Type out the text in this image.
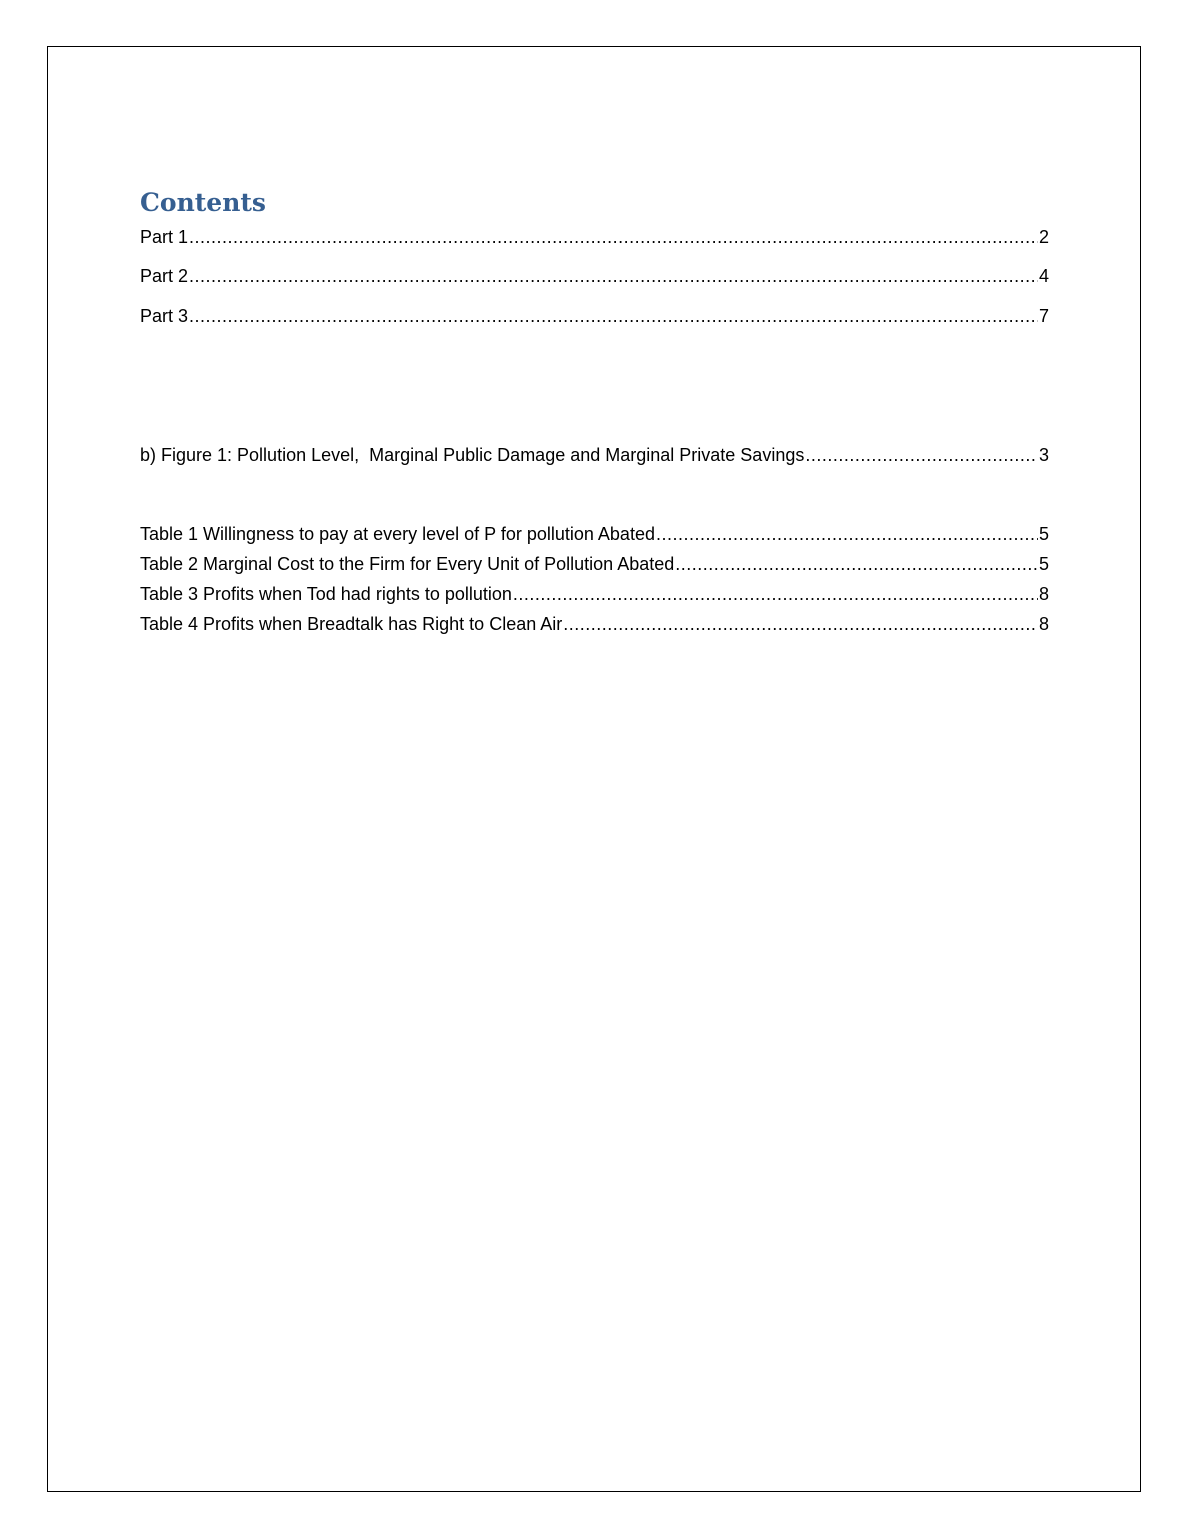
Contents
Part 1 .....	2
Part 2 .....	4
Part 3 .....	7
b) Figure 1: Pollution Level,  Marginal Public Damage and Marginal Private Savings .....	3
Table 1 Willingness to pay at every level of P for pollution Abated .....	5
Table 2 Marginal Cost to the Firm for Every Unit of Pollution Abated .....	5
Table 3 Profits when Tod had rights to pollution .....	8
Table 4 Profits when Breadtalk has Right to Clean Air .....	8
